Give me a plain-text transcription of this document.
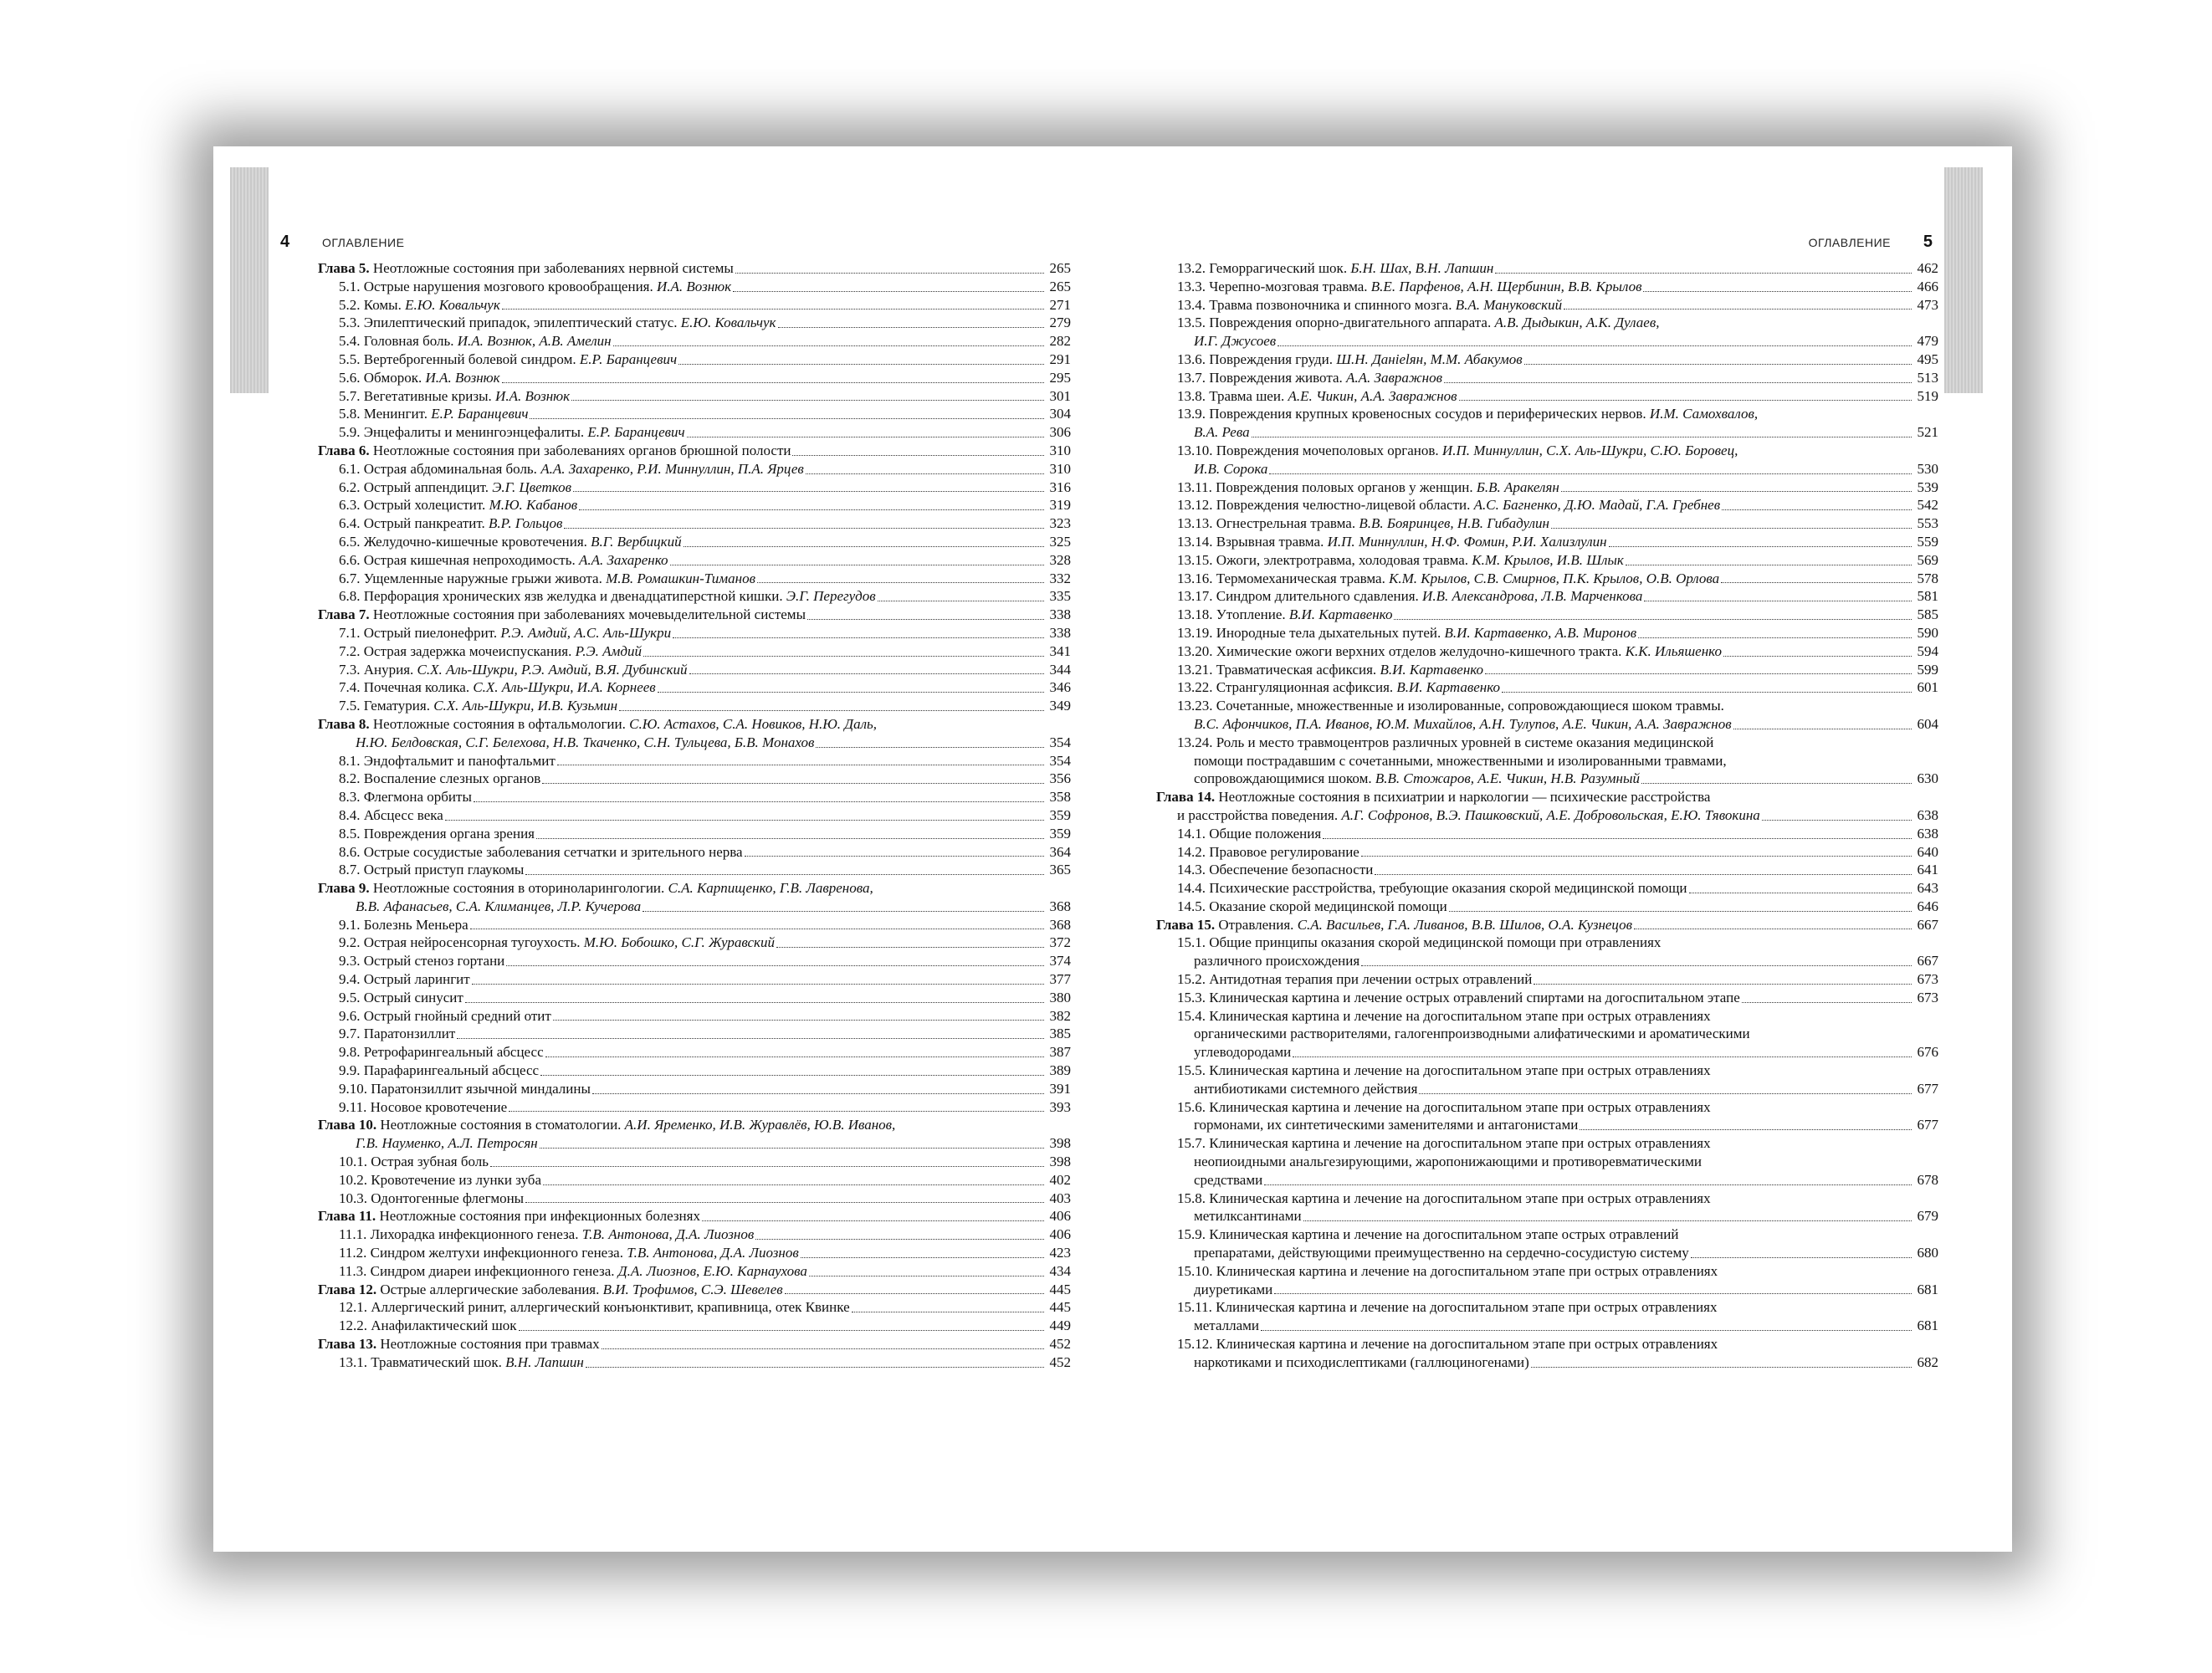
4	ОГЛАВЛЕНИЕ
Глава 5. Неотложные состояния при заболеваниях нервной системы	265
5.1. Острые нарушения мозгового кровообращения. И.А. Вознюк	265
5.2. Комы. Е.Ю. Ковальчук	271
5.3. Эпилептический припадок, эпилептический статус. Е.Ю. Ковальчук	279
5.4. Головная боль. И.А. Вознюк, А.В. Амелин	282
5.5. Вертеброгенный болевой синдром. Е.Р. Баранцевич	291
5.6. Обморок. И.А. Вознюк	295
5.7. Вегетативные кризы. И.А. Вознюк	301
5.8. Менингит. Е.Р. Баранцевич	304
5.9. Энцефалиты и менингоэнцефалиты. Е.Р. Баранцевич	306
Глава 6. Неотложные состояния при заболеваниях органов брюшной полости	310
6.1. Острая абдоминальная боль. А.А. Захаренко, Р.И. Миннуллин, П.А. Ярцев	310
6.2. Острый аппендицит. Э.Г. Цветков	316
6.3. Острый холецистит. М.Ю. Кабанов	319
6.4. Острый панкреатит. В.Р. Гольцов	323
6.5. Желудочно-кишечные кровотечения. В.Г. Вербицкий	325
6.6. Острая кишечная непроходимость. А.А. Захаренко	328
6.7. Ущемленные наружные грыжи живота. М.В. Ромашкин-Тиманов	332
6.8. Перфорация хронических язв желудка и двенадцатиперстной кишки. Э.Г. Перегудов	335
Глава 7. Неотложные состояния при заболеваниях мочевыделительной системы	338
7.1. Острый пиелонефрит. Р.Э. Амдий, А.С. Аль-Шукри	338
7.2. Острая задержка мочеиспускания. Р.Э. Амдий	341
7.3. Анурия. С.Х. Аль-Шукри, Р.Э. Амдий, В.Я. Дубинский	344
7.4. Почечная колика. С.Х. Аль-Шукри, И.А. Корнеев	346
7.5. Гематурия. С.Х. Аль-Шукри, И.В. Кузьмин	349
Глава 8. Неотложные состояния в офтальмологии. С.Ю. Астахов, С.А. Новиков, Н.Ю. Даль,
Н.Ю. Белдовская, С.Г. Белехова, Н.В. Ткаченко, С.Н. Тульцева, Б.В. Монахов	354
8.1. Эндофтальмит и панофтальмит	354
8.2. Воспаление слезных органов	356
8.3. Флегмона орбиты	358
8.4. Абсцесс века	359
8.5. Повреждения органа зрения	359
8.6. Острые сосудистые заболевания сетчатки и зрительного нерва	364
8.7. Острый приступ глаукомы	365
Глава 9. Неотложные состояния в оториноларингологии. С.А. Карпищенко, Г.В. Лавренова,
В.В. Афанасьев, С.А. Климанцев, Л.Р. Кучерова	368
9.1. Болезнь Меньера	368
9.2. Острая нейросенсорная тугоухость. М.Ю. Бобошко, С.Г. Журавский	372
9.3. Острый стеноз гортани	374
9.4. Острый ларингит	377
9.5. Острый синусит	380
9.6. Острый гнойный средний отит	382
9.7. Паратонзиллит	385
9.8. Ретрофарингеальный абсцесс	387
9.9. Парафарингеальный абсцесс	389
9.10. Паратонзиллит язычной миндалины	391
9.11. Носовое кровотечение	393
Глава 10. Неотложные состояния в стоматологии. А.И. Яременко, И.В. Журавлёв, Ю.В. Иванов,
Г.В. Науменко, А.Л. Петросян	398
10.1. Острая зубная боль	398
10.2. Кровотечение из лунки зуба	402
10.3. Одонтогенные флегмоны	403
Глава 11. Неотложные состояния при инфекционных болезнях	406
11.1. Лихорадка инфекционного генеза. Т.В. Антонова, Д.А. Лиознов	406
11.2. Синдром желтухи инфекционного генеза. Т.В. Антонова, Д.А. Лиознов	423
11.3. Синдром диареи инфекционного генеза. Д.А. Лиознов, Е.Ю. Карнаухова	434
Глава 12. Острые аллергические заболевания. В.И. Трофимов, С.Э. Шевелев	445
12.1. Аллергический ринит, аллергический конъюнктивит, крапивница, отек Квинке	445
12.2. Анафилактический шок	449
Глава 13. Неотложные состояния при травмах	452
13.1. Травматический шок. В.Н. Лапшин	452
5
ОГЛАВЛЕНИЕ
13.2. Геморрагический шок. Б.Н. Шах, В.Н. Лапшин	462
13.3. Черепно-мозговая травма. В.Е. Парфенов, А.Н. Щербинин, В.В. Крылов	466
13.4. Травма позвоночника и спинного мозга. В.А. Мануковский	473
13.5. Повреждения опорно-двигательного аппарата. А.В. Дыдыкин, А.К. Дулаев,
И.Г. Джусоев	479
13.6. Повреждения груди. Ш.Н. Данielян, М.М. Абакумов	495
13.7. Повреждения живота. А.А. Завражнов	513
13.8. Травма шеи. А.Е. Чикин, А.А. Завражнов	519
13.9. Повреждения крупных кровеносных сосудов и периферических нервов. И.М. Самохвалов,
В.А. Рева	521
13.10. Повреждения мочеполовых органов. И.П. Миннуллин, С.Х. Аль-Шукри, С.Ю. Боровец,
И.В. Сорока	530
13.11. Повреждения половых органов у женщин. Б.В. Аракелян	539
13.12. Повреждения челюстно-лицевой области. А.С. Багненко, Д.Ю. Мадай, Г.А. Гребнев	542
13.13. Огнестрельная травма. В.В. Бояринцев, Н.В. Гибадулин	553
13.14. Взрывная травма. И.П. Миннуллин, Н.Ф. Фомин, Р.И. Хализлулин	559
13.15. Ожоги, электротравма, холодовая травма. К.М. Крылов, И.В. Шлык	569
13.16. Термомеханическая травма. К.М. Крылов, С.В. Смирнов, П.К. Крылов, О.В. Орлова	578
13.17. Синдром длительного сдавления. И.В. Александрова, Л.В. Марченкова	581
13.18. Утопление. В.И. Картавенко	585
13.19. Инородные тела дыхательных путей. В.И. Картавенко, А.В. Миронов	590
13.20. Химические ожоги верхних отделов желудочно-кишечного тракта. К.К. Ильяшенко	594
13.21. Травматическая асфиксия. В.И. Картавенко	599
13.22. Странгуляционная асфиксия. В.И. Картавенко	601
13.23. Сочетанные, множественные и изолированные, сопровождающиеся шоком травмы.
В.С. Афончиков, П.А. Иванов, Ю.М. Михайлов, А.Н. Тулупов, А.Е. Чикин, А.А. Завражнов	604
13.24. Роль и место травмоцентров различных уровней в системе оказания медицинской
помощи пострадавшим с сочетанными, множественными и изолированными травмами,
сопровождающимися шоком. В.В. Стожаров, А.Е. Чикин, Н.В. Разумный	630
Глава 14. Неотложные состояния в психиатрии и наркологии — психические расстройства
и расстройства поведения. А.Г. Софронов, В.Э. Пашковский, А.Е. Добровольская, Е.Ю. Тявокина	638
14.1. Общие положения	638
14.2. Правовое регулирование	640
14.3. Обеспечение безопасности	641
14.4. Психические расстройства, требующие оказания скорой медицинской помощи	643
14.5. Оказание скорой медицинской помощи	646
Глава 15. Отравления. С.А. Васильев, Г.А. Ливанов, В.В. Шилов, О.А. Кузнецов	667
15.1. Общие принципы оказания скорой медицинской помощи при отравлениях
различного происхождения	667
15.2. Антидотная терапия при лечении острых отравлений	673
15.3. Клиническая картина и лечение острых отравлений спиртами на догоспитальном этапе	673
15.4. Клиническая картина и лечение на догоспитальном этапе при острых отравлениях
органическими растворителями, галогенпроизводными алифатическими и ароматическими
углеводородами	676
15.5. Клиническая картина и лечение на догоспитальном этапе при острых отравлениях
антибиотиками системного действия	677
15.6. Клиническая картина и лечение на догоспитальном этапе при острых отравлениях
гормонами, их синтетическими заменителями и антагонистами	677
15.7. Клиническая картина и лечение на догоспитальном этапе при острых отравлениях
неопиоидными анальгезирующими, жаропонижающими и противоревматическими
средствами	678
15.8. Клиническая картина и лечение на догоспитальном этапе при острых отравлениях
метилксантинами	679
15.9. Клиническая картина и лечение на догоспитальном этапе острых отравлений
препаратами, действующими преимущественно на сердечно-сосудистую систему	680
15.10. Клиническая картина и лечение на догоспитальном этапе при острых отравлениях
диуретиками	681
15.11. Клиническая картина и лечение на догоспитальном этапе при острых отравлениях
металлами	681
15.12. Клиническая картина и лечение на догоспитальном этапе при острых отравлениях
наркотиками и психодислептиками (галлюциногенами)	682
